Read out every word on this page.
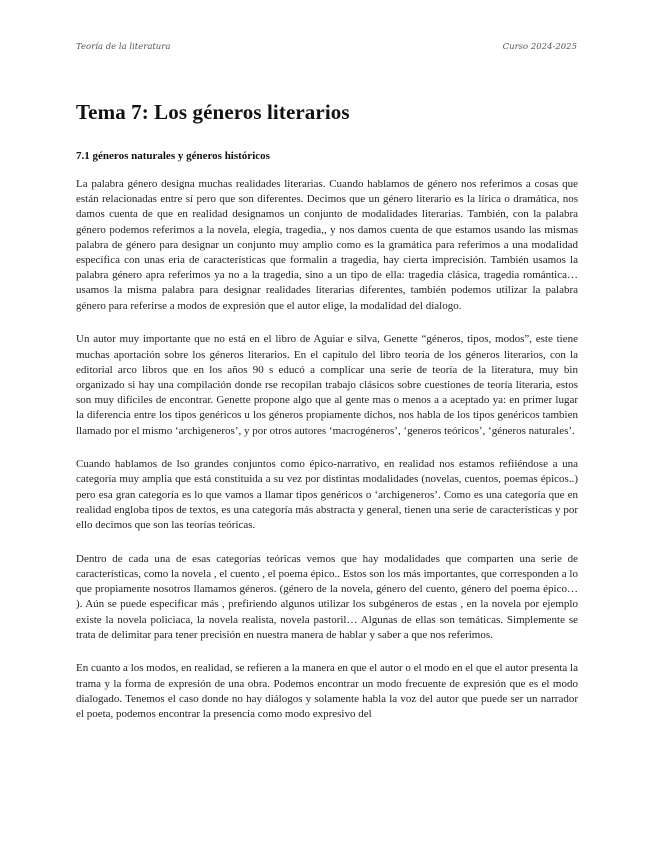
Teoría de la literatura	Curso 2024-2025
Tema 7: Los géneros literarios
7.1 géneros naturales y géneros históricos

La palabra género designa muchas realidades literarias. Cuando hablamos de género nos referimos a cosas que están relacionadas entre sí pero que son diferentes. Decimos que un género literario es la lírica o dramática, nos damos cuenta de que en realidad designamos un conjunto de modalidades literarias. También, con la palabra género podemos referimos a la novela, elegía, tragedia,, y nos damos cuenta de que estamos usando las mismas palabra de género para designar un conjunto muy amplio como es la gramática para referimos a una modalidad específica con unas eria de características que formalin a tragedia, hay cierta imprecisión. También usamos la palabra género apra referimos ya no a la tragedia, sino a un tipo de ella: tragedia clásica, tragedia romántica… usamos la misma palabra para designar realidades literarias diferentes, también podemos utilizar la palabra género para referirse a modos de expresión que el autor elige, la modalidad del dialogo.

Un autor muy importante que no está en el libro de Aguiar e silva, Genette “géneros, tipos, modos”, este tiene muchas aportación sobre los géneros literarios. En el capitulo del libro teoría de los géneros literarios, con la editorial arco libros que en los años 90 s educó a complicar una serie de teoría de la literatura, muy bin organizado si hay una compilación donde rse recopilan trabajo clásicos sobre cuestiones de teoría literaria, estos son muy difíciles de encontrar. Genette propone algo que al gente mas o menos a a aceptado ya: en primer lugar la diferencia entre los tipos genéricos u los géneros propiamente dichos, nos habla de los tipos genéricos tambien llamado por el mismo ‘archigeneros’, y por otros autores ‘macrogéneros’, ‘generos teóricos’, ‘géneros naturales’.

Cuando hablamos de lso grandes conjuntos como épico-narrativo, en realidad nos estamos refiiéndose a una categoría muy amplia que está constituida a su vez por distintas modalidades (novelas, cuentos, poemas épicos..) pero esa gran categoría es lo que vamos a llamar tipos genéricos o ‘archigeneros’. Como es una categoría que en realidad engloba tipos de textos, es una categoría más abstracta y general, tienen una serie de características y por ello decimos que son las teorías teóricas.

Dentro de cada una de esas categorías teóricas vemos que hay modalidades que comparten una serie de características, como la novela , el cuento , el poema épico.. Estos son los más importantes, que corresponden a lo que propiamente nosotros llamamos géneros. (género de la novela, género del cuento, género del poema épico… ). Aún se puede especificar más , prefiriendo algunos utilizar los subgéneros de estas , en la novela por ejemplo existe la novela policiaca, la novela realista, novela pastoril… Algunas de ellas son temáticas. Simplemente se trata de delimitar para tener precisión en nuestra manera de hablar y saber a que nos referimos.

En cuanto a los modos, en realidad, se refieren a la manera en que el autor o el modo en el que el autor presenta la trama y la forma de expresión de una obra. Podemos encontrar un modo frecuente de expresión que es el modo dialogado. Tenemos el caso donde no hay diálogos y solamente habla la voz del autor que puede ser un narrador el poeta, podemos encontrar la presencia como modo expresivo del
